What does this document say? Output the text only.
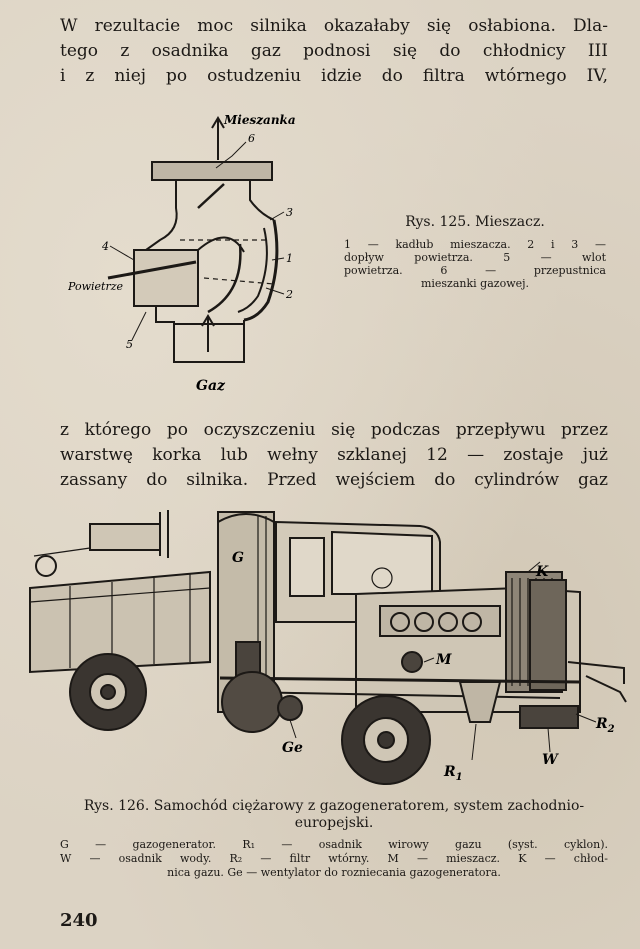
W rezultacie moc silnika okazałaby się osłabiona. Dla-
tego z osadnika gaz podnosi się do chłodnicy III
i z niej po ostudzeniu idzie do filtra wtórnego IV,

Mieszanka
6
3
1
2
4
Powietrze
5
Gaz
Rys. 125. Mieszacz.
1 — kadłub mieszacza. 2 i 3 —
dopływ powietrza. 5 — wlot
powietrza. 6 — przepustnica
mieszanki gazowej.

z którego po oczyszczeniu się podczas przepływu przez
warstwę korka lub wełny szklanej 12 — zostaje już
zassany do silnika. Przed wejściem do cylindrów gaz

G
K
M
Ge
$R_1$
$R_2$
W
Rys. 126. Samochód ciężarowy z gazogeneratorem, system zachodnio-europejski.
G — gazogenerator. R₁ — osadnik wirowy gazu (syst. cyklon).
W — osadnik wody. R₂ — filtr wtórny. M — mieszacz. K — chłod-
nica gazu. Ge — wentylator do rozniecania gazogeneratora.
240
